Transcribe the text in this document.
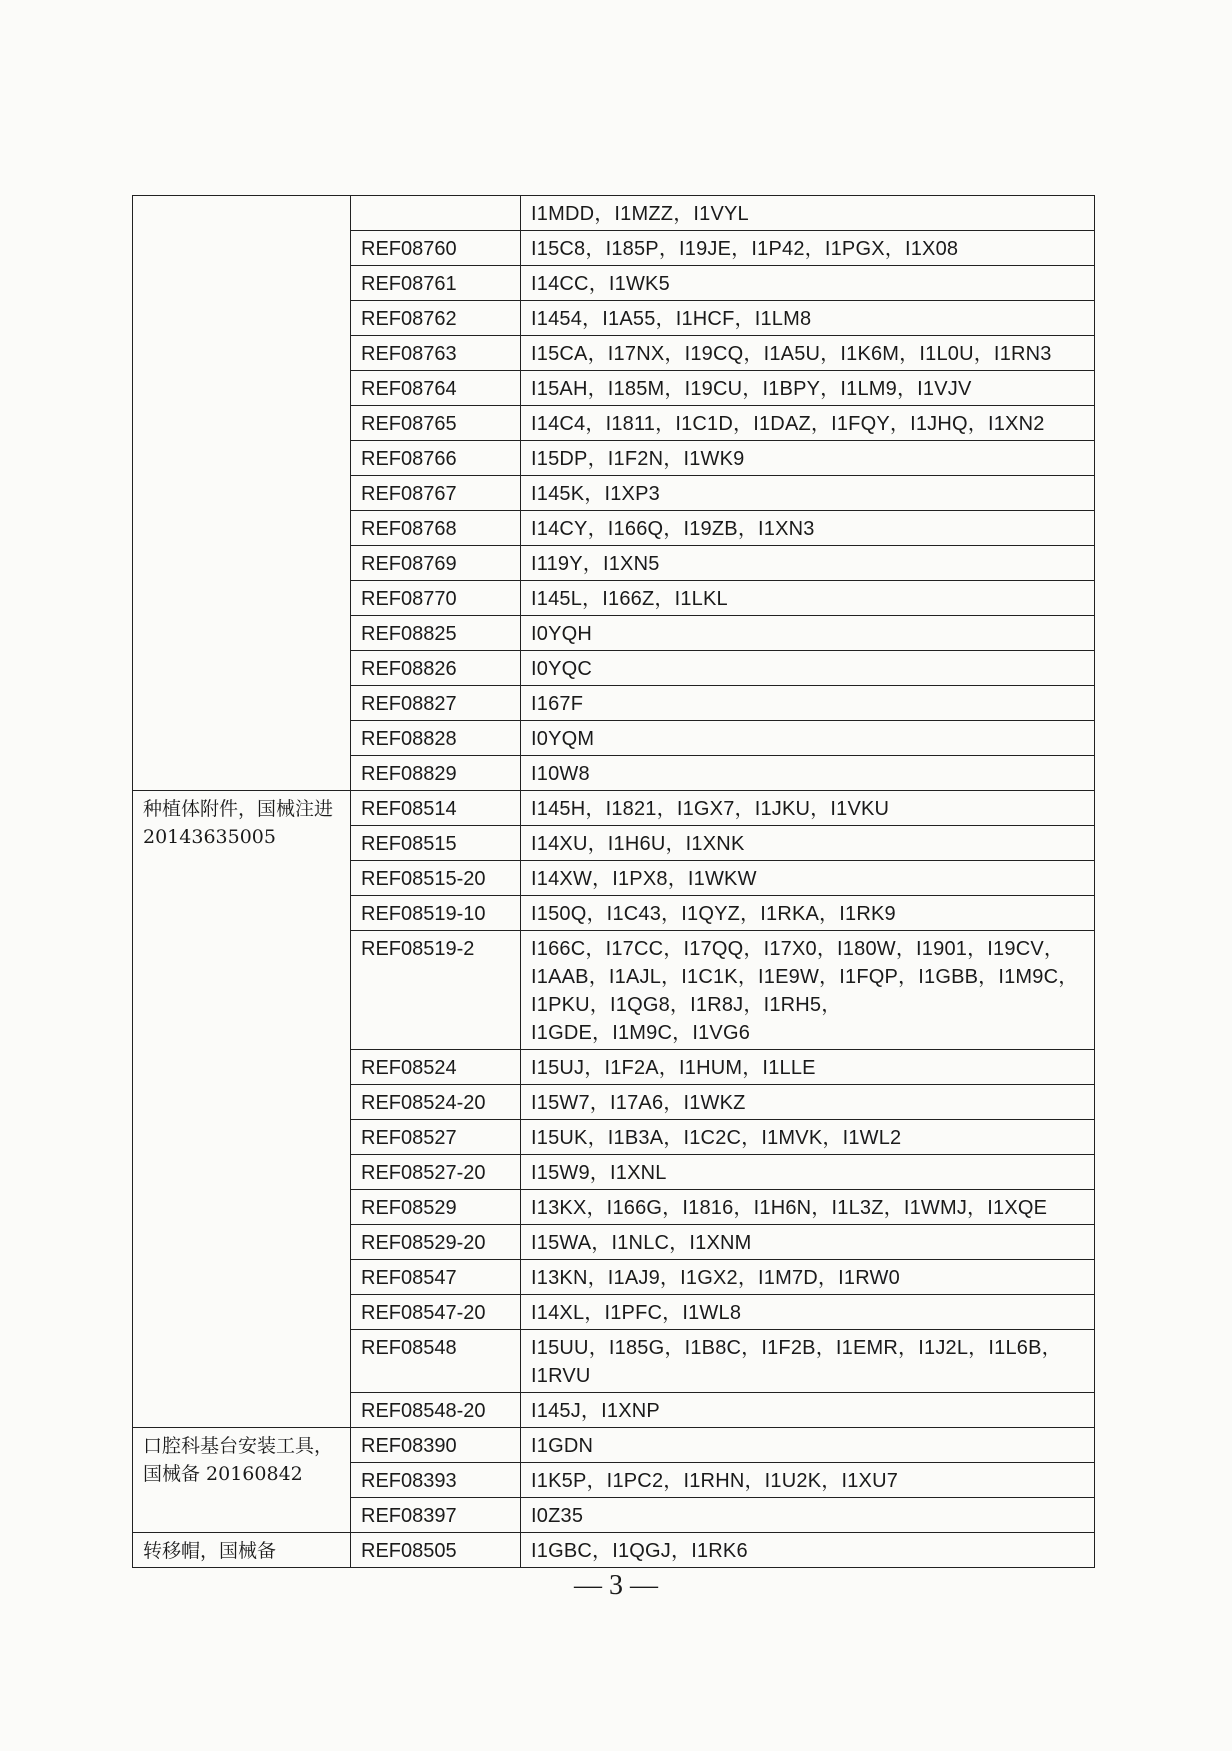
		I1MDD，I1MZZ，I1VYL
	REF08760	I15C8，I185P，I19JE，I1P42，I1PGX，I1X08
	REF08761	I14CC，I1WK5
	REF08762	I1454，I1A55，I1HCF，I1LM8
	REF08763	I15CA，I17NX，I19CQ，I1A5U，I1K6M，I1L0U，I1RN3
	REF08764	I15AH，I185M，I19CU，I1BPY，I1LM9，I1VJV
	REF08765	I14C4，I1811，I1C1D，I1DAZ，I1FQY，I1JHQ，I1XN2
	REF08766	I15DP，I1F2N，I1WK9
	REF08767	I145K，I1XP3
	REF08768	I14CY，I166Q，I19ZB，I1XN3
	REF08769	I119Y，I1XN5
	REF08770	I145L，I166Z，I1LKL
	REF08825	I0YQH
	REF08826	I0YQC
	REF08827	I167F
	REF08828	I0YQM
	REF08829	I10W8
种植体附件，国械注进 20143635005	REF08514	I145H，I1821，I1GX7，I1JKU，I1VKU
	REF08515	I14XU，I1H6U，I1XNK
	REF08515-20	I14XW，I1PX8，I1WKW
	REF08519-10	I150Q，I1C43，I1QYZ，I1RKA，I1RK9
	REF08519-2	I166C，I17CC，I17QQ，I17X0，I180W，I1901，I19CV，
I1AAB，I1AJL，I1C1K，I1E9W，I1FQP，I1GBB，I1M9C，
I1PKU，I1QG8，I1R8J，I1RH5，
I1GDE，I1M9C，I1VG6

	REF08524	I15UJ，I1F2A，I1HUM，I1LLE
	REF08524-20	I15W7，I17A6，I1WKZ
	REF08527	I15UK，I1B3A，I1C2C，I1MVK，I1WL2
	REF08527-20	I15W9，I1XNL
	REF08529	I13KX，I166G，I1816，I1H6N，I1L3Z，I1WMJ，I1XQE
	REF08529-20	I15WA，I1NLC，I1XNM
	REF08547	I13KN，I1AJ9，I1GX2，I1M7D，I1RW0
	REF08547-20	I14XL，I1PFC，I1WL8
	REF08548	I15UU，I185G，I1B8C，I1F2B，I1EMR，I1J2L，I1L6B，
I1RVU

	REF08548-20	I145J，I1XNP
口腔科基台安装工具，国械备 20160842	REF08390	I1GDN
	REF08393	I1K5P，I1PC2，I1RHN，I1U2K，I1XU7
	REF08397	I0Z35
转移帽，国械备	REF08505	I1GBC，I1QGJ，I1RK6
— 3 —
